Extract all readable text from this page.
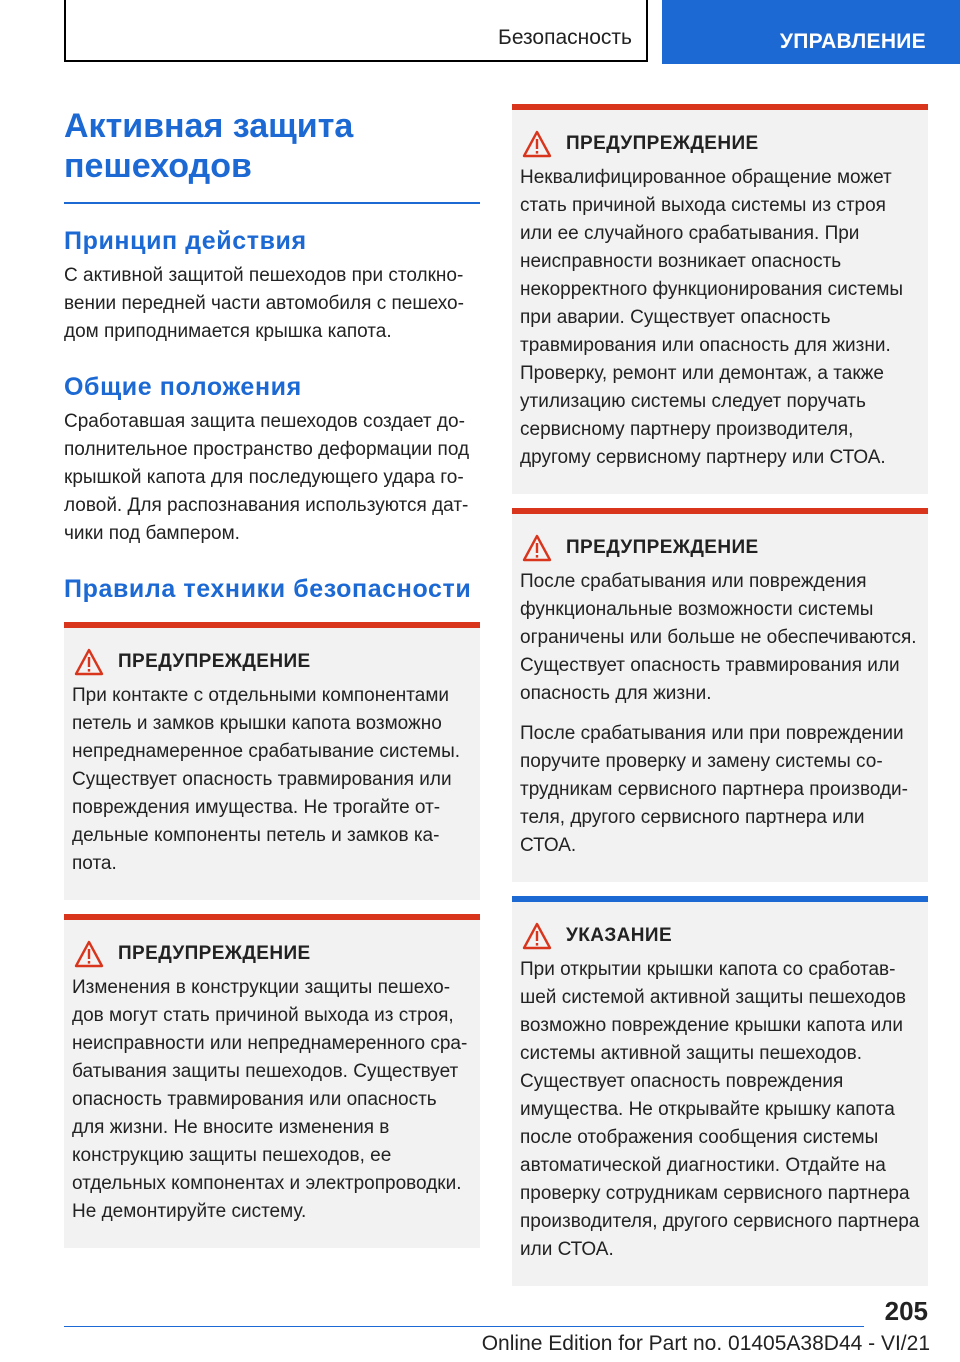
Безопасность	УПРАВЛЕНИЕ
Активная защита пешеходов
Принцип действия

С активной защитой пешеходов при столкновении передней части автомобиля с пешеходом приподнимается крышка капота.

Общие положения

Сработавшая защита пешеходов создает дополнительное пространство деформации под крышкой капота для последующего удара головой. Для распознавания используются датчики под бампером.

Правила техники безопасности
ПРЕДУПРЕЖДЕНИЕ

При контакте с отдельными компонентами петель и замков крышки капота возможно непреднамеренное срабатывание системы. Существует опасность травмирования или повреждения имущества. Не трогайте отдельные компоненты петель и замков капота.

ПРЕДУПРЕЖДЕНИЕ

Изменения в конструкции защиты пешеходов могут стать причиной выхода из строя, неисправности или непреднамеренного срабатывания защиты пешеходов. Существует опасность травмирования или опасность для жизни. Не вносите изменения в конструкцию защиты пешеходов, ее отдельных компонентах и электропроводки. Не демонтируйте систему.

ПРЕДУПРЕЖДЕНИЕ

Неквалифицированное обращение может стать причиной выхода системы из строя или ее случайного срабатывания. При неисправности возникает опасность некорректного функционирования системы при аварии. Существует опасность травмирования или опасность для жизни. Проверку, ремонт или демонтаж, а также утилизацию системы следует поручать сервисному партнеру производителя, другому сервисному партнеру или СТОА.

ПРЕДУПРЕЖДЕНИЕ

После срабатывания или повреждения функциональные возможности системы ограничены или больше не обеспечиваются. Существует опасность травмирования или опасность для жизни.

После срабатывания или при повреждении поручите проверку и замену системы сотрудникам сервисного партнера производителя, другого сервисного партнера или СТОА.

УКАЗАНИЕ

При открытии крышки капота со сработавшей системой активной защиты пешеходов возможно повреждение крышки капота или системы активной защиты пешеходов. Существует опасность повреждения имущества. Не открывайте крышку капота после отображения сообщения системы автоматической диагностики. Отдайте на проверку сотрудникам сервисного партнера производителя, другого сервисного партнера или СТОА.

205
Online Edition for Part no. 01405A38D44 - VI/21
